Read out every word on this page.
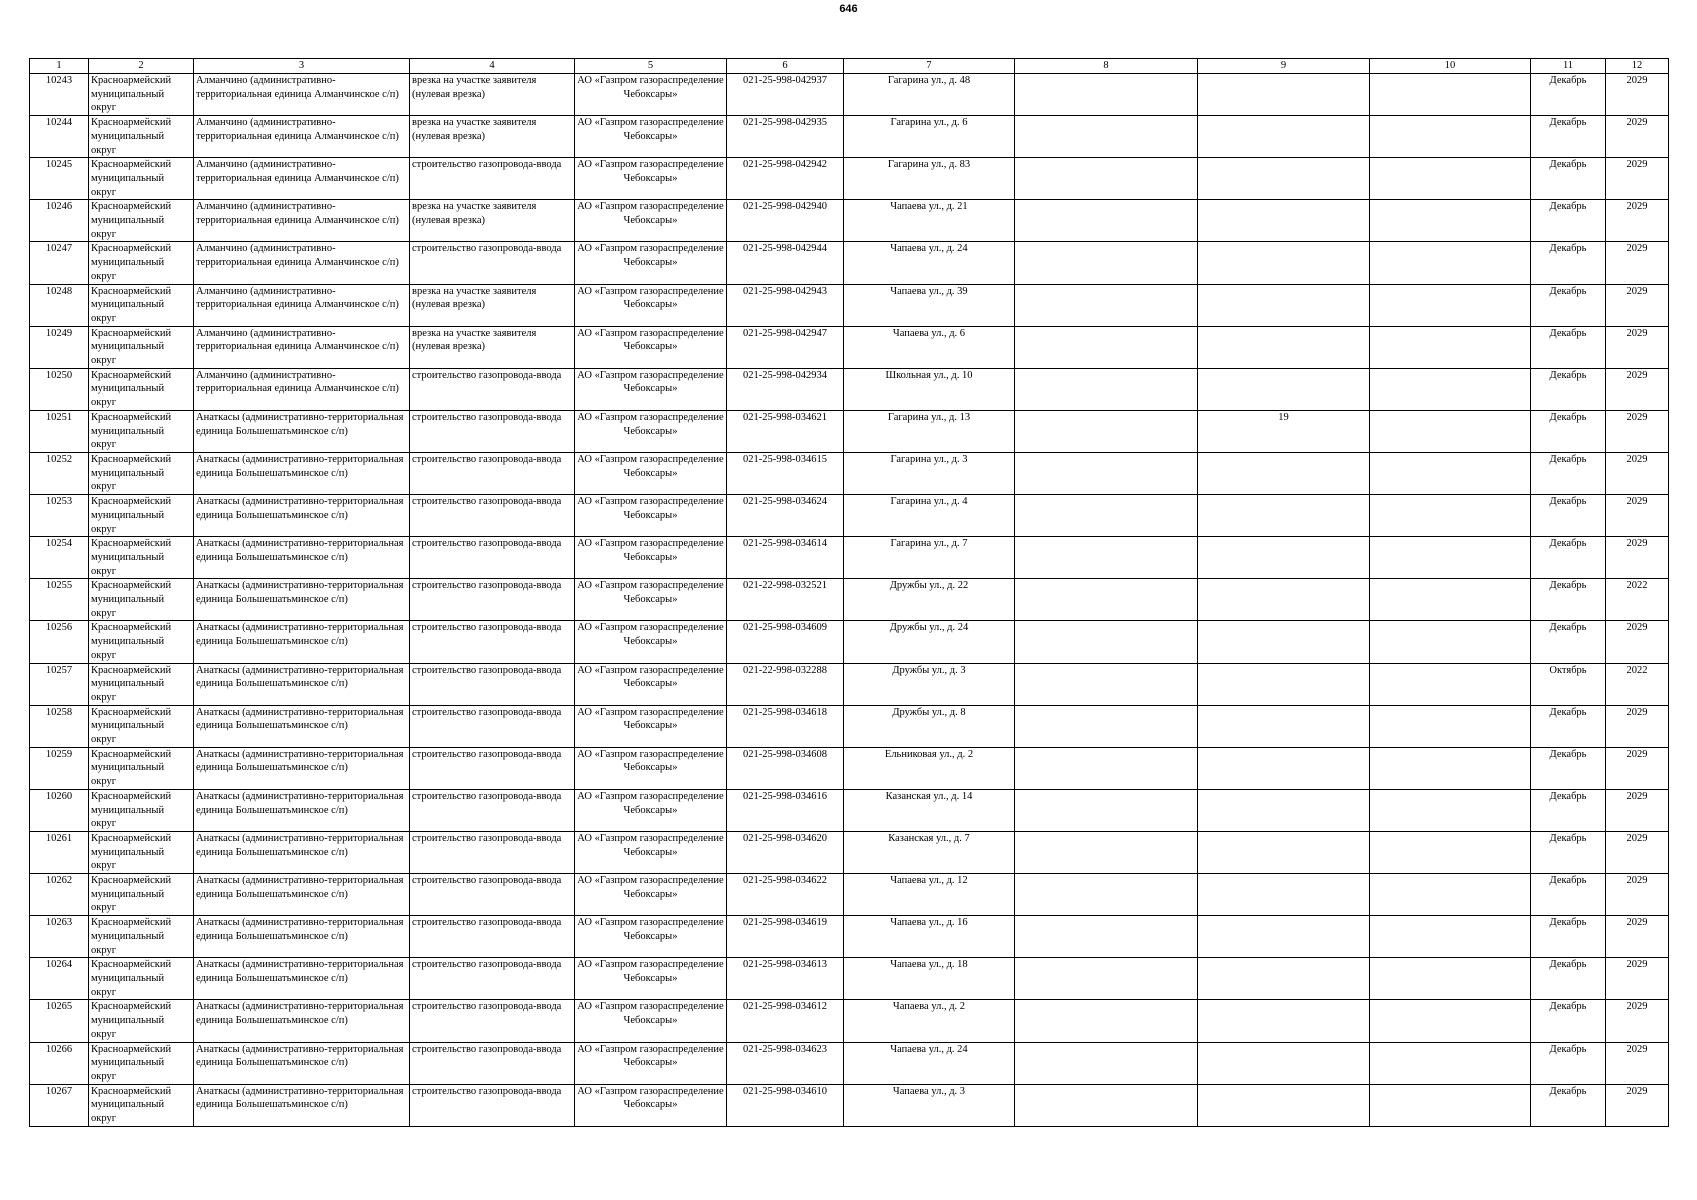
646
1	2	3	4	5	6	7	8	9	10	11	12
10243	Красноармейский муниципальный округ	Алманчино (административно-территориальная единица Алманчинское с/п)	врезка на участке заявителя (нулевая врезка)	АО «Газпром газораспределение Чебоксары»	021-25-998-042937	Гагарина ул., д. 48				Декабрь	2029
10244	Красноармейский муниципальный округ	Алманчино (административно-территориальная единица Алманчинское с/п)	врезка на участке заявителя (нулевая врезка)	АО «Газпром газораспределение Чебоксары»	021-25-998-042935	Гагарина ул., д. 6				Декабрь	2029
10245	Красноармейский муниципальный округ	Алманчино (административно-территориальная единица Алманчинское с/п)	строительство газопровода-ввода	АО «Газпром газораспределение Чебоксары»	021-25-998-042942	Гагарина ул., д. 83				Декабрь	2029
10246	Красноармейский муниципальный округ	Алманчино (административно-территориальная единица Алманчинское с/п)	врезка на участке заявителя (нулевая врезка)	АО «Газпром газораспределение Чебоксары»	021-25-998-042940	Чапаева ул., д. 21				Декабрь	2029
10247	Красноармейский муниципальный округ	Алманчино (административно-территориальная единица Алманчинское с/п)	строительство газопровода-ввода	АО «Газпром газораспределение Чебоксары»	021-25-998-042944	Чапаева ул., д. 24				Декабрь	2029
10248	Красноармейский муниципальный округ	Алманчино (административно-территориальная единица Алманчинское с/п)	врезка на участке заявителя (нулевая врезка)	АО «Газпром газораспределение Чебоксары»	021-25-998-042943	Чапаева ул., д. 39				Декабрь	2029
10249	Красноармейский муниципальный округ	Алманчино (административно-территориальная единица Алманчинское с/п)	врезка на участке заявителя (нулевая врезка)	АО «Газпром газораспределение Чебоксары»	021-25-998-042947	Чапаева ул., д. 6				Декабрь	2029
10250	Красноармейский муниципальный округ	Алманчино (административно-территориальная единица Алманчинское с/п)	строительство газопровода-ввода	АО «Газпром газораспределение Чебоксары»	021-25-998-042934	Школьная ул., д. 10				Декабрь	2029
10251	Красноармейский муниципальный округ	Анаткасы (административно-территориальная единица Большешатьминское с/п)	строительство газопровода-ввода	АО «Газпром газораспределение Чебоксары»	021-25-998-034621	Гагарина ул., д. 13		19		Декабрь	2029
10252	Красноармейский муниципальный округ	Анаткасы (административно-территориальная единица Большешатьминское с/п)	строительство газопровода-ввода	АО «Газпром газораспределение Чебоксары»	021-25-998-034615	Гагарина ул., д. 3				Декабрь	2029
10253	Красноармейский муниципальный округ	Анаткасы (административно-территориальная единица Большешатьминское с/п)	строительство газопровода-ввода	АО «Газпром газораспределение Чебоксары»	021-25-998-034624	Гагарина ул., д. 4				Декабрь	2029
10254	Красноармейский муниципальный округ	Анаткасы (административно-территориальная единица Большешатьминское с/п)	строительство газопровода-ввода	АО «Газпром газораспределение Чебоксары»	021-25-998-034614	Гагарина ул., д. 7				Декабрь	2029
10255	Красноармейский муниципальный округ	Анаткасы (административно-территориальная единица Большешатьминское с/п)	строительство газопровода-ввода	АО «Газпром газораспределение Чебоксары»	021-22-998-032521	Дружбы ул., д. 22				Декабрь	2022
10256	Красноармейский муниципальный округ	Анаткасы (административно-территориальная единица Большешатьминское с/п)	строительство газопровода-ввода	АО «Газпром газораспределение Чебоксары»	021-25-998-034609	Дружбы ул., д. 24				Декабрь	2029
10257	Красноармейский муниципальный округ	Анаткасы (административно-территориальная единица Большешатьминское с/п)	строительство газопровода-ввода	АО «Газпром газораспределение Чебоксары»	021-22-998-032288	Дружбы ул., д. 3				Октябрь	2022
10258	Красноармейский муниципальный округ	Анаткасы (административно-территориальная единица Большешатьминское с/п)	строительство газопровода-ввода	АО «Газпром газораспределение Чебоксары»	021-25-998-034618	Дружбы ул., д. 8				Декабрь	2029
10259	Красноармейский муниципальный округ	Анаткасы (административно-территориальная единица Большешатьминское с/п)	строительство газопровода-ввода	АО «Газпром газораспределение Чебоксары»	021-25-998-034608	Ельниковая ул., д. 2				Декабрь	2029
10260	Красноармейский муниципальный округ	Анаткасы (административно-территориальная единица Большешатьминское с/п)	строительство газопровода-ввода	АО «Газпром газораспределение Чебоксары»	021-25-998-034616	Казанская ул., д. 14				Декабрь	2029
10261	Красноармейский муниципальный округ	Анаткасы (административно-территориальная единица Большешатьминское с/п)	строительство газопровода-ввода	АО «Газпром газораспределение Чебоксары»	021-25-998-034620	Казанская ул., д. 7				Декабрь	2029
10262	Красноармейский муниципальный округ	Анаткасы (административно-территориальная единица Большешатьминское с/п)	строительство газопровода-ввода	АО «Газпром газораспределение Чебоксары»	021-25-998-034622	Чапаева ул., д. 12				Декабрь	2029
10263	Красноармейский муниципальный округ	Анаткасы (административно-территориальная единица Большешатьминское с/п)	строительство газопровода-ввода	АО «Газпром газораспределение Чебоксары»	021-25-998-034619	Чапаева ул., д. 16				Декабрь	2029
10264	Красноармейский муниципальный округ	Анаткасы (административно-территориальная единица Большешатьминское с/п)	строительство газопровода-ввода	АО «Газпром газораспределение Чебоксары»	021-25-998-034613	Чапаева ул., д. 18				Декабрь	2029
10265	Красноармейский муниципальный округ	Анаткасы (административно-территориальная единица Большешатьминское с/п)	строительство газопровода-ввода	АО «Газпром газораспределение Чебоксары»	021-25-998-034612	Чапаева ул., д. 2				Декабрь	2029
10266	Красноармейский муниципальный округ	Анаткасы (административно-территориальная единица Большешатьминское с/п)	строительство газопровода-ввода	АО «Газпром газораспределение Чебоксары»	021-25-998-034623	Чапаева ул., д. 24				Декабрь	2029
10267	Красноармейский муниципальный округ	Анаткасы (административно-территориальная единица Большешатьминское с/п)	строительство газопровода-ввода	АО «Газпром газораспределение Чебоксары»	021-25-998-034610	Чапаева ул., д. 3				Декабрь	2029
